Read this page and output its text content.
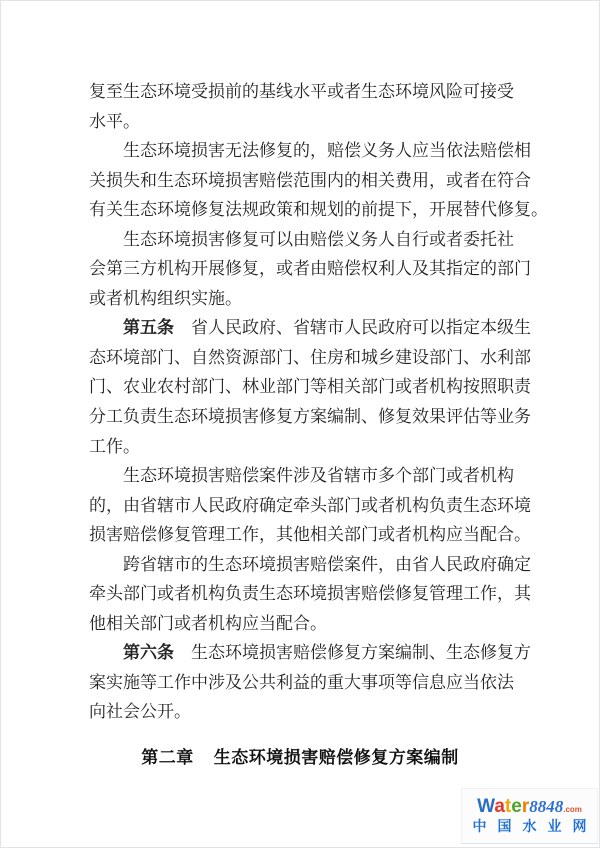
复至生态环境受损前的基线水平或者生态环境风险可接受
水平。
　　生态环境损害无法修复的，赔偿义务人应当依法赔偿相
关损失和生态环境损害赔偿范围内的相关费用，或者在符合
有关生态环境修复法规政策和规划的前提下，开展替代修复。
　　生态环境损害修复可以由赔偿义务人自行或者委托社
会第三方机构开展修复，或者由赔偿权利人及其指定的部门
或者机构组织实施。
　　第五条　省人民政府、省辖市人民政府可以指定本级生
态环境部门、自然资源部门、住房和城乡建设部门、水利部
门、农业农村部门、林业部门等相关部门或者机构按照职责
分工负责生态环境损害修复方案编制、修复效果评估等业务
工作。
　　生态环境损害赔偿案件涉及省辖市多个部门或者机构
的，由省辖市人民政府确定牵头部门或者机构负责生态环境
损害赔偿修复管理工作，其他相关部门或者机构应当配合。
　　跨省辖市的生态环境损害赔偿案件，由省人民政府确定
牵头部门或者机构负责生态环境损害赔偿修复管理工作，其
他相关部门或者机构应当配合。
　　第六条　生态环境损害赔偿修复方案编制、生态修复方
案实施等工作中涉及公共利益的重大事项等信息应当依法
向社会公开。
第二章 生态环境损害赔偿修复方案编制
Water8848.com
中国水业网
